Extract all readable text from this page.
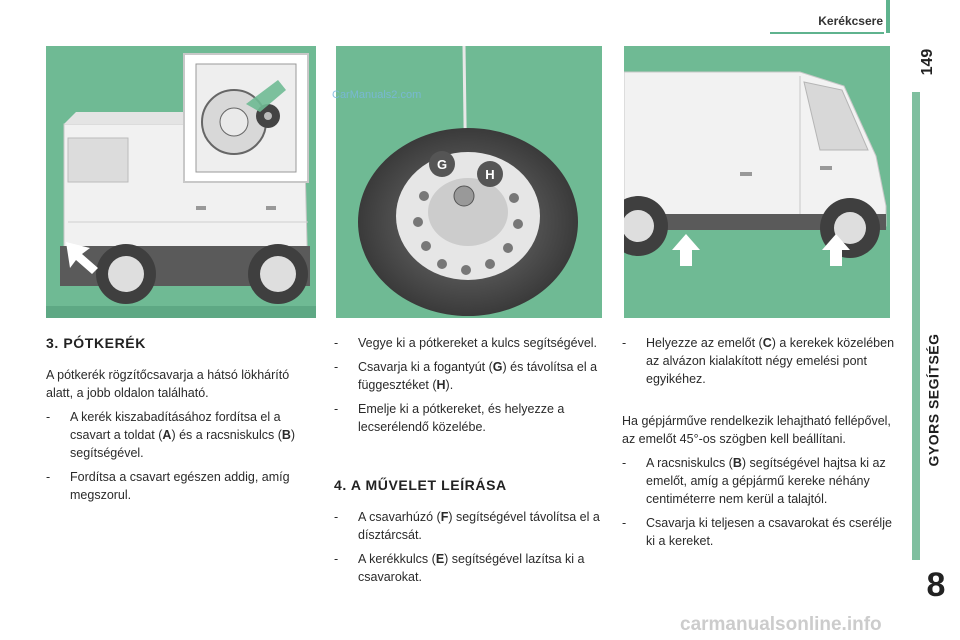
Kerékcsere
149
GYORS SEGÍTSÉG
8
G
H
CarManuals2.com
3. PÓTKERÉK

A pótkerék rögzítőcsavarja a hátsó lökhárító alatt, a jobb oldalon található.

- A kerék kiszabadításához fordítsa el a csavart a toldat (A) és a racsniskulcs (B) segítségével.
- Fordítsa a csavart egészen addig, amíg megszorul.
- Vegye ki a pótkereket a kulcs segítségével.
- Csavarja ki a fogantyút (G) és távolítsa el a függesztéket (H).
- Emelje ki a pótkereket, és helyezze a lecserélendő közelébe.
4. A MŰVELET LEÍRÁSA
- A csavarhúzó (F) segítségével távolítsa el a dísztárcsát.
- A kerékkulcs (E) segítségével lazítsa ki a csavarokat.
- Helyezze az emelőt (C) a kerekek közelében az alvázon kialakított négy emelési pont egyikéhez.

Ha gépjárműve rendelkezik lehajtható fellépővel, az emelőt 45°-os szögben kell beállítani.

- A racsniskulcs (B) segítségével hajtsa ki az emelőt, amíg a gépjármű kereke néhány centiméterre nem kerül a talajtól.
- Csavarja ki teljesen a csavarokat és cserélje ki a kereket.
carmanualsonline.info
